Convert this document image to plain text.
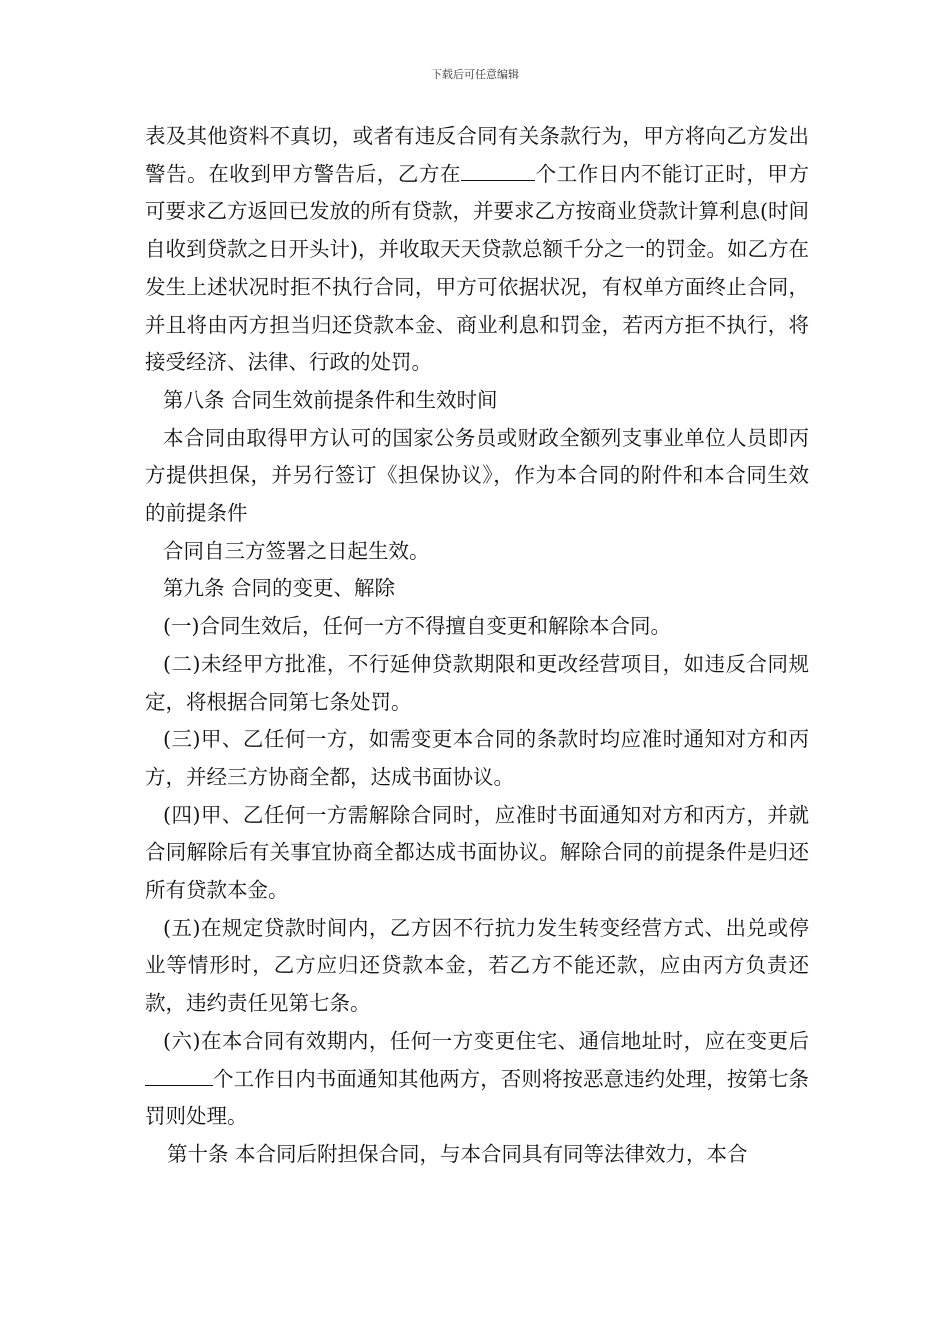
下载后可任意编辑

表及其他资料不真切，或者有违反合同有关条款行为，甲方将向乙方发出警告。在收到甲方警告后，乙方在	个工作日内不能订正时，甲方可要求乙方返回已发放的所有贷款，并要求乙方按商业贷款计算利息(时间自收到贷款之日开头计)，并收取天天贷款总额千分之一的罚金。如乙方在发生上述状况时拒不执行合同，甲方可依据状况，有权单方面终止合同，并且将由丙方担当归还贷款本金、商业利息和罚金，若丙方拒不执行，将接受经济、法律、行政的处罚。

第八条 合同生效前提条件和生效时间

本合同由取得甲方认可的国家公务员或财政全额列支事业单位人员即丙方提供担保，并另行签订《担保协议》，作为本合同的附件和本合同生效的前提条件

合同自三方签署之日起生效。

第九条 合同的变更、解除

(一)合同生效后，任何一方不得擅自变更和解除本合同。

(二)未经甲方批准，不行延伸贷款期限和更改经营项目，如违反合同规定，将根据合同第七条处罚。

(三)甲、乙任何一方，如需变更本合同的条款时均应准时通知对方和丙方，并经三方协商全都，达成书面协议。

(四)甲、乙任何一方需解除合同时，应准时书面通知对方和丙方，并就合同解除后有关事宜协商全都达成书面协议。解除合同的前提条件是归还所有贷款本金。

(五)在规定贷款时间内，乙方因不行抗力发生转变经营方式、出兑或停业等情形时，乙方应归还贷款本金，若乙方不能还款，应由丙方负责还款，违约责任见第七条。

(六)在本合同有效期内，任何一方变更住宅、通信地址时，应在变更后个工作日内书面通知其他两方，否则将按恶意违约处理，按第七条罚则处理。

第十条 本合同后附担保合同，与本合同具有同等法律效力，本合
